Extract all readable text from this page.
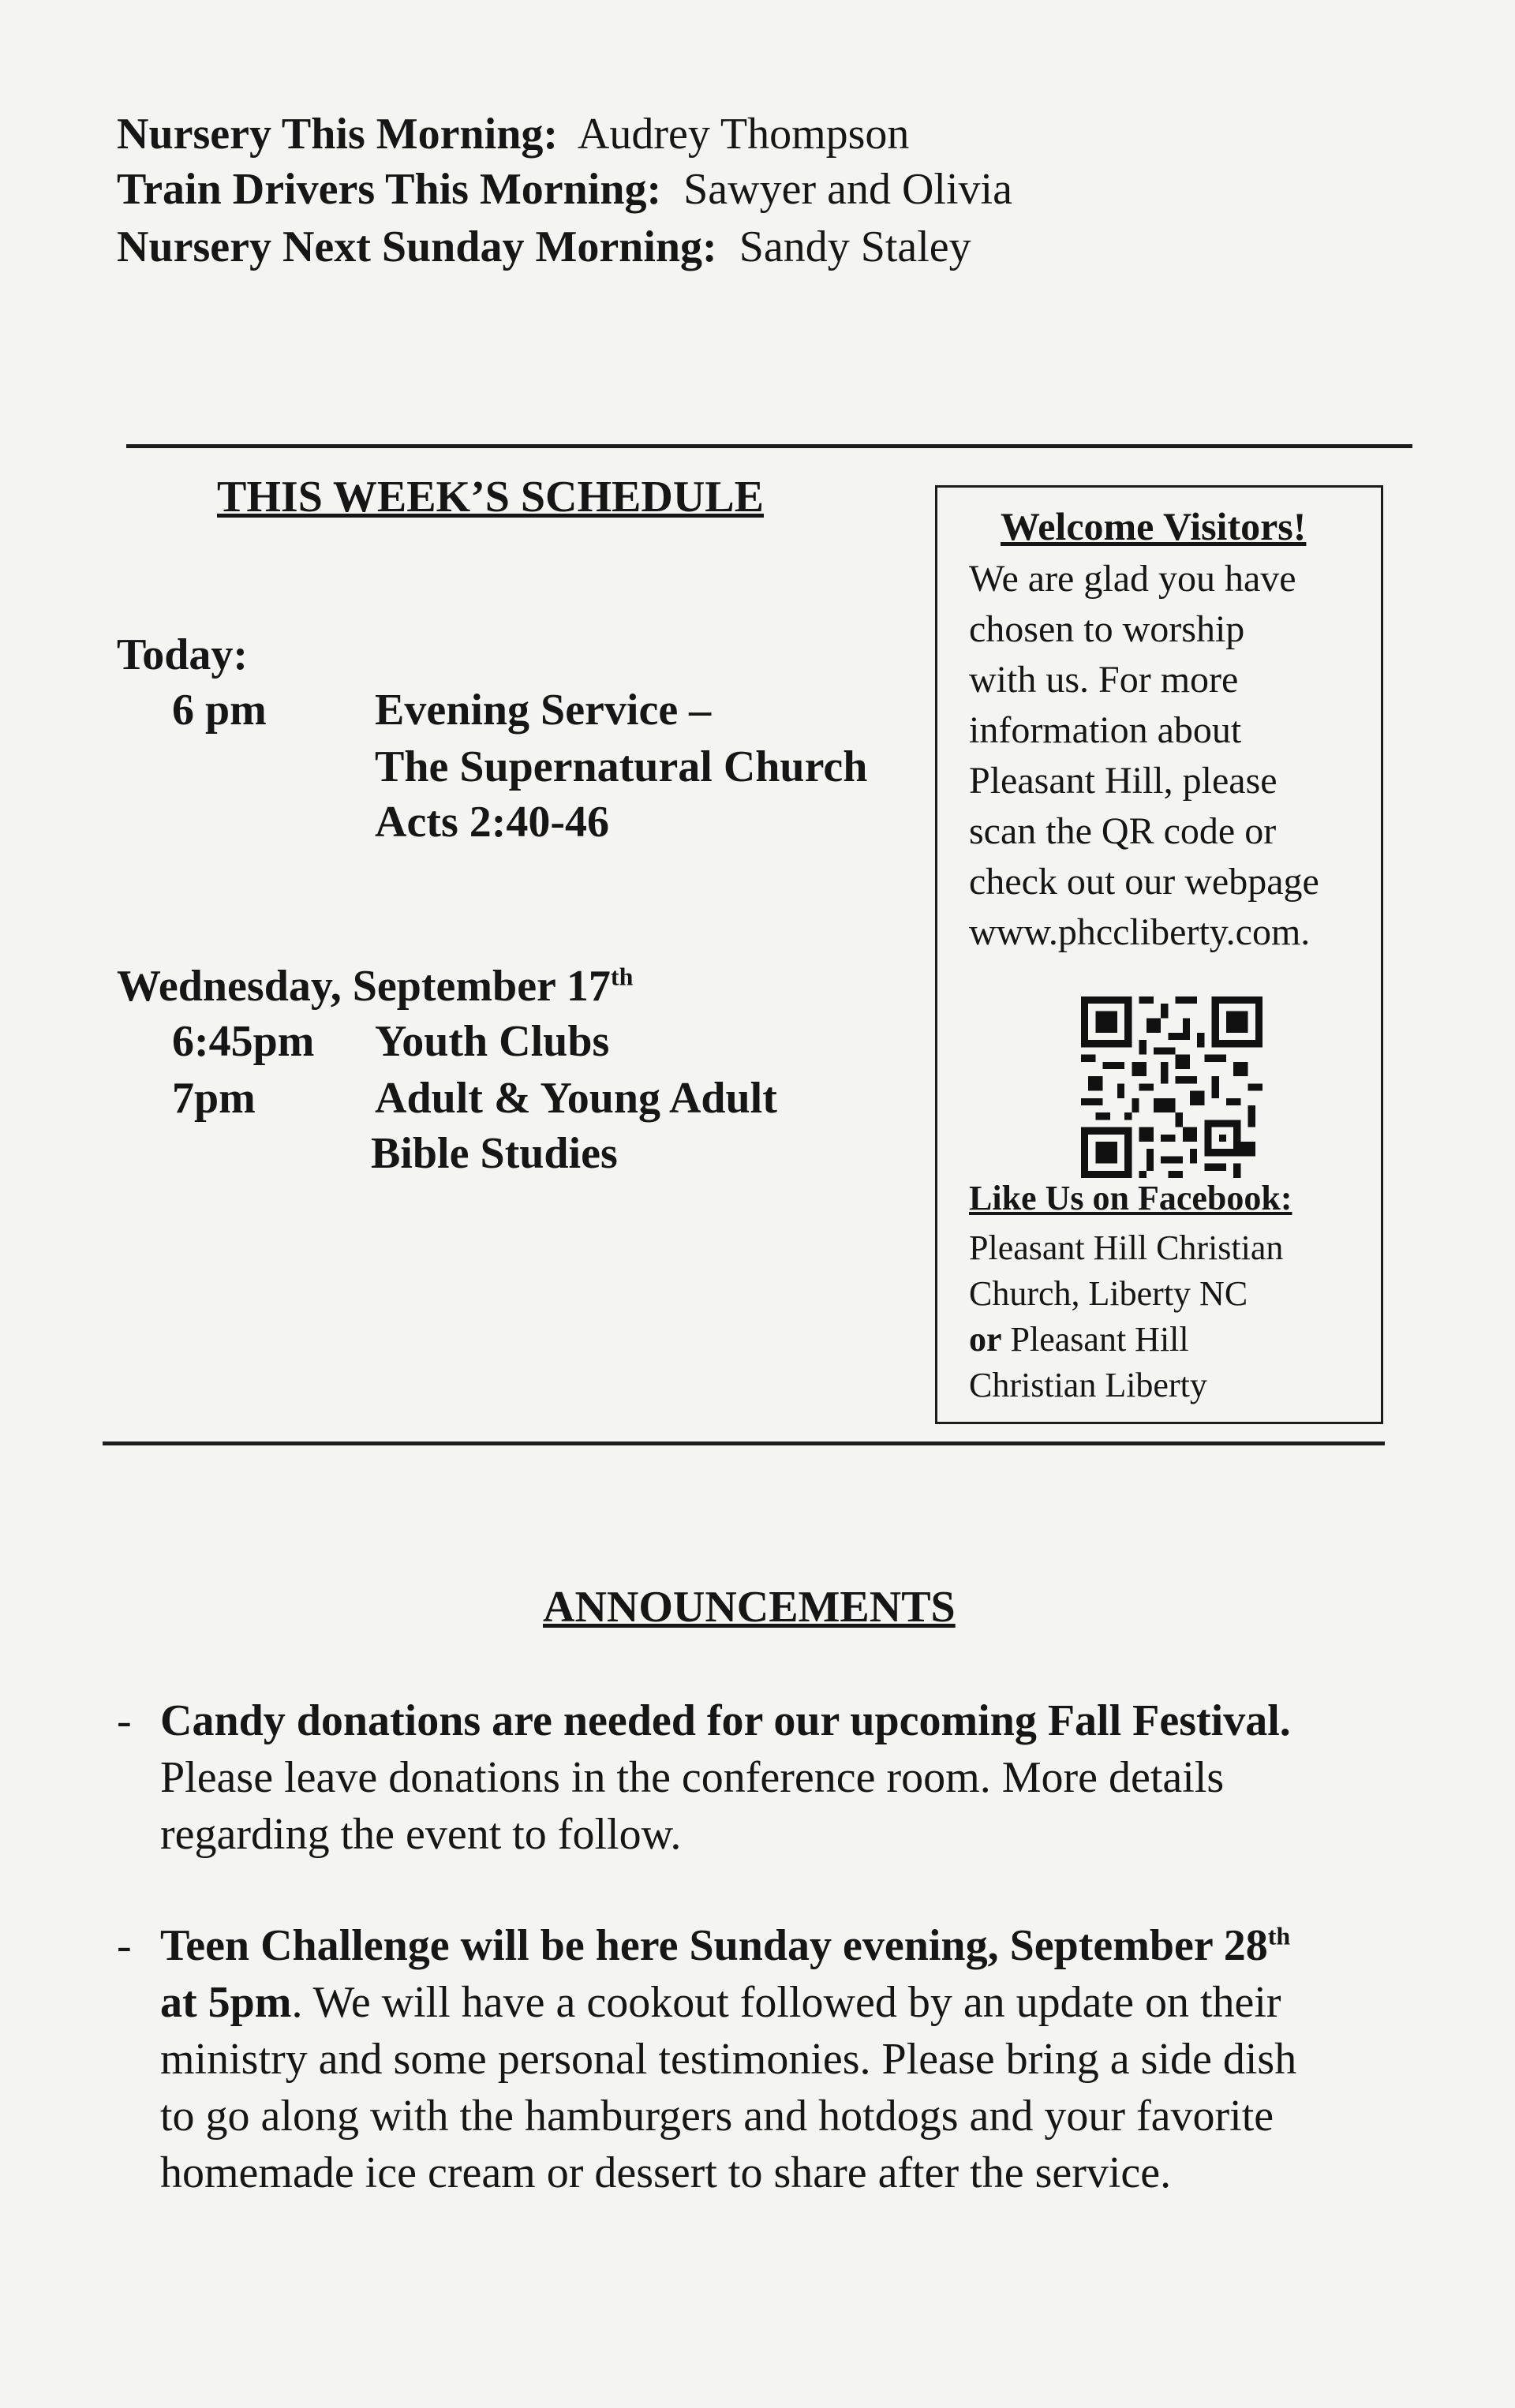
Nursery This Morning: Audrey Thompson
Train Drivers This Morning: Sawyer and Olivia
Nursery Next Sunday Morning: Sandy Staley
THIS WEEK’S SCHEDULE
Today:
6 pm Evening Service –
The Supernatural Church
Acts 2:40-46
Wednesday, September 17th
6:45pm Youth Clubs
7pm	Adult & Young Adult
Bible Studies
Welcome Visitors!
We are glad you have
chosen to worship
with us. For more
information about
Pleasant Hill, please
scan the QR code or
check out our webpage
www.phccliberty.com.
Like Us on Facebook:
Pleasant Hill Christian
Church, Liberty NC
or Pleasant Hill
Christian Liberty
ANNOUNCEMENTS
- Candy donations are needed for our upcoming Fall Festival.
Please leave donations in the conference room. More details
regarding the event to follow.
- Teen Challenge will be here Sunday evening, September 28th
at 5pm. We will have a cookout followed by an update on their
ministry and some personal testimonies. Please bring a side dish
to go along with the hamburgers and hotdogs and your favorite
homemade ice cream or dessert to share after the service.
